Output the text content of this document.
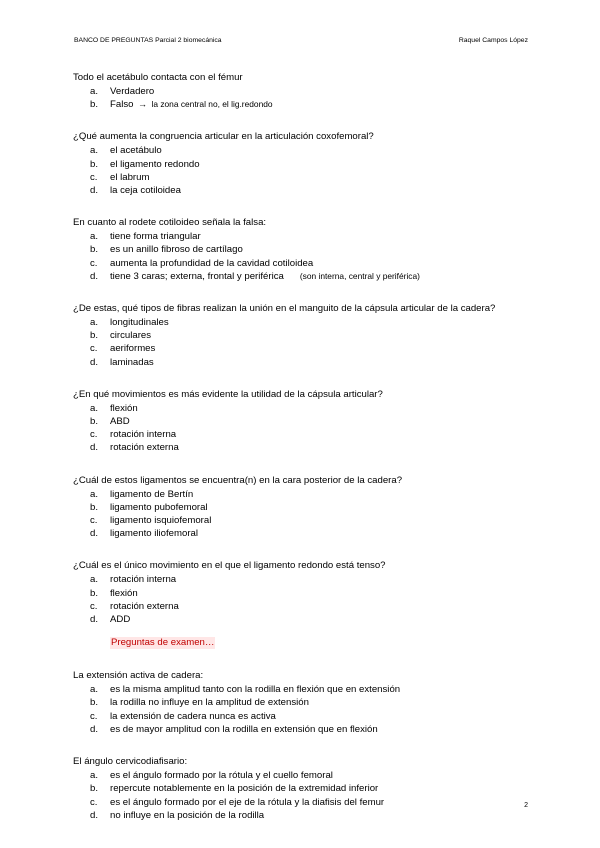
BANCO DE PREGUNTAS Parcial 2 biomecánica	Raquel Campos López

Todo el acetábulo contacta con el fémur

a. Verdadero
b. Falso → la zona central no, el lig.redondo

¿Qué aumenta la congruencia articular en la articulación coxofemoral?

a. el acetábulo
b. el ligamento redondo
c. el labrum
d. la ceja cotiloidea

En cuanto al rodete cotiloideo señala la falsa:

a. tiene forma triangular
b. es un anillo fibroso de cartílago
c. aumenta la profundidad de la cavidad cotiloidea
d. tiene 3 caras; externa, frontal y periférica (son interna, central y periférica)

¿De estas, qué tipos de fibras realizan la unión en el manguito de la cápsula articular de la cadera?

a. longitudinales
b. circulares
c. aeriformes
d. laminadas

¿En qué movimientos es más evidente la utilidad de la cápsula articular?

a. flexión
b. ABD
c. rotación interna
d. rotación externa

¿Cuál de estos ligamentos se encuentra(n) en la cara posterior de la cadera?

a. ligamento de Bertín
b. ligamento pubofemoral
c. ligamento isquiofemoral
d. ligamento iliofemoral

¿Cuál es el único movimiento en el que el ligamento redondo está tenso?

a. rotación interna
b. flexión
c. rotación externa
d. ADD
Preguntas de examen…

La extensión activa de cadera:

a. es la misma amplitud tanto con la rodilla en flexión que en extensión
b. la rodilla no influye en la amplitud de extensión
c. la extensión de cadera nunca es activa
d. es de mayor amplitud con la rodilla en extensión que en flexión

El ángulo cervicodiafisario:

a. es el ángulo formado por la rótula y el cuello femoral
b. repercute notablemente en la posición de la extremidad inferior
c. es el ángulo formado por el eje de la rótula y la diafisis del femur
d. no influye en la posición de la rodilla
2
